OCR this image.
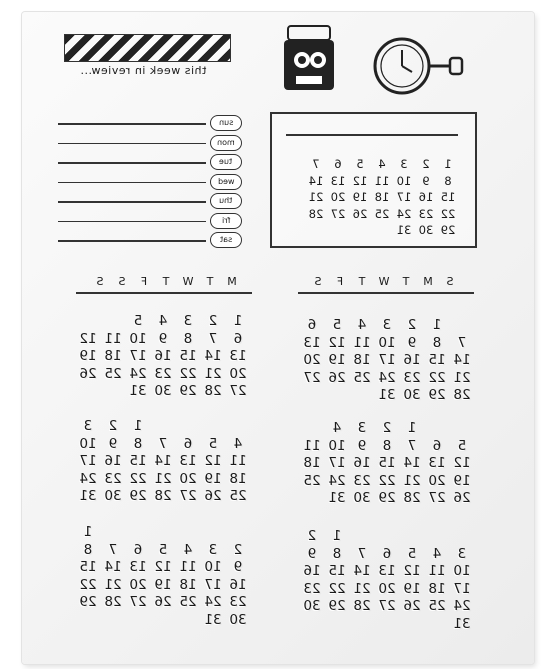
this week in review...
sun
mon
tue
wed
thu
fri
sat
1
2
3
4
5
6
7
8
9
10
11
12
13
14
15
16
17
18
19
20
21
22
23
24
25
26
27
28
29
30
31
MTWTFSS	SMTWTFS
1
2
3
4
5
6
7
8
9
10
11
12
13
14
15
16
17
18
19
20
21
22
23
24
25
26
27
28
29
30
31
1
2
3
4
5
6
7
8
9
10
11
12
13
14
15
16
17
18
19
20
21
22
23
24
25
26
27
28
29
30
31
1
2
3
4
5
6
7
8
9
10
11
12
13
14
15
16
17
18
19
20
21
22
23
24
25
26
27
28
29
30
31
1
2
3
4
5
6
7
8
9
10
11
12
13
14
15
16
17
18
19
20
21
22
23
24
25
26
27
28
29
30
31
1
2
3
4
5
6
7
8
9
10
11
12
13
14
15
16
17
18
19
20
21
22
23
24
25
26
27
28
29
30
31
1
2
3
4
5
6
7
8
9
10
11
12
13
14
15
16
17
18
19
20
21
22
23
24
25
26
27
28
29
30
31
